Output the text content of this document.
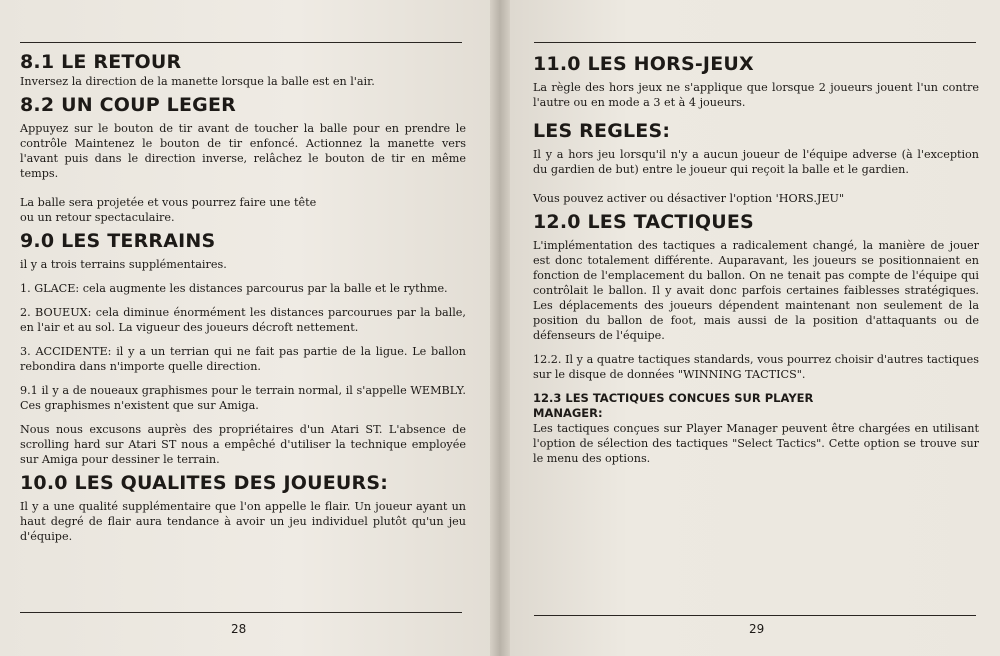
8.1 LE RETOUR

Inversez la direction de la manette lorsque la balle est en l'air.

8.2 UN COUP LEGER

Appuyez sur le bouton de tir avant de toucher la balle pour en prendre le contrôle Maintenez le bouton de tir enfoncé. Actionnez la manette vers l'avant puis dans le direction inverse, relâchez le bouton de tir en même temps.

La balle sera projetée et vous pourrez faire une tête ou un retour spectaculaire.

9.0 LES TERRAINS

il y a trois terrains supplémentaires.

1. GLACE: cela augmente les distances parcourus par la balle et le rythme.

2. BOUEUX: cela diminue énormément les distances parcourues par la balle, en l'air et au sol. La vigueur des joueurs décroft nettement.

3. ACCIDENTE: il y a un terrian qui ne fait pas partie de la ligue. Le ballon rebondira dans n'importe quelle direction.

9.1 il y a de noueaux graphismes pour le terrain normal, il s'appelle WEMBLY. Ces graphismes n'existent que sur Amiga.

Nous nous excusons auprès des propriétaires d'un Atari ST. L'absence de scrolling hard sur Atari ST nous a empêché d'utiliser la technique employée sur Amiga pour dessiner le terrain.

10.0 LES QUALITES DES JOUEURS:

Il y a une qualité supplémentaire que l'on appelle le flair. Un joueur ayant un haut degré de flair aura tendance à avoir un jeu individuel plutôt qu'un jeu d'équipe.

28
11.0 LES HORS-JEUX

La règle des hors jeux ne s'applique que lorsque 2 joueurs jouent l'un contre l'autre ou en mode a 3 et à 4 joueurs.

LES REGLES:

Il y a hors jeu lorsqu'il n'y a aucun joueur de l'équipe adverse (à l'exception du gardien de but) entre le joueur qui reçoit la balle et le gardien.

Vous pouvez activer ou désactiver l'option 'HORS.JEU"

12.0 LES TACTIQUES

L'implémentation des tactiques a radicalement changé, la manière de jouer est donc totalement différente. Auparavant, les joueurs se positionnaient en fonction de l'emplacement du ballon. On ne tenait pas compte de l'équipe qui contrôlait le ballon. Il y avait donc parfois certaines faiblesses stratégiques. Les déplacements des joueurs dépendent maintenant non seulement de la position du ballon de foot, mais aussi de la position d'attaquants ou de défenseurs de l'équipe.

12.2. Il y a quatre tactiques standards, vous pourrez choisir d'autres tactiques sur le disque de données "WINNING TACTICS".

12.3 LES TACTIQUES CONCUES SUR PLAYER MANAGER:

Les tactiques conçues sur Player Manager peuvent être chargées en utilisant l'option de sélection des tactiques "Select Tactics". Cette option se trouve sur le menu des options.

29
